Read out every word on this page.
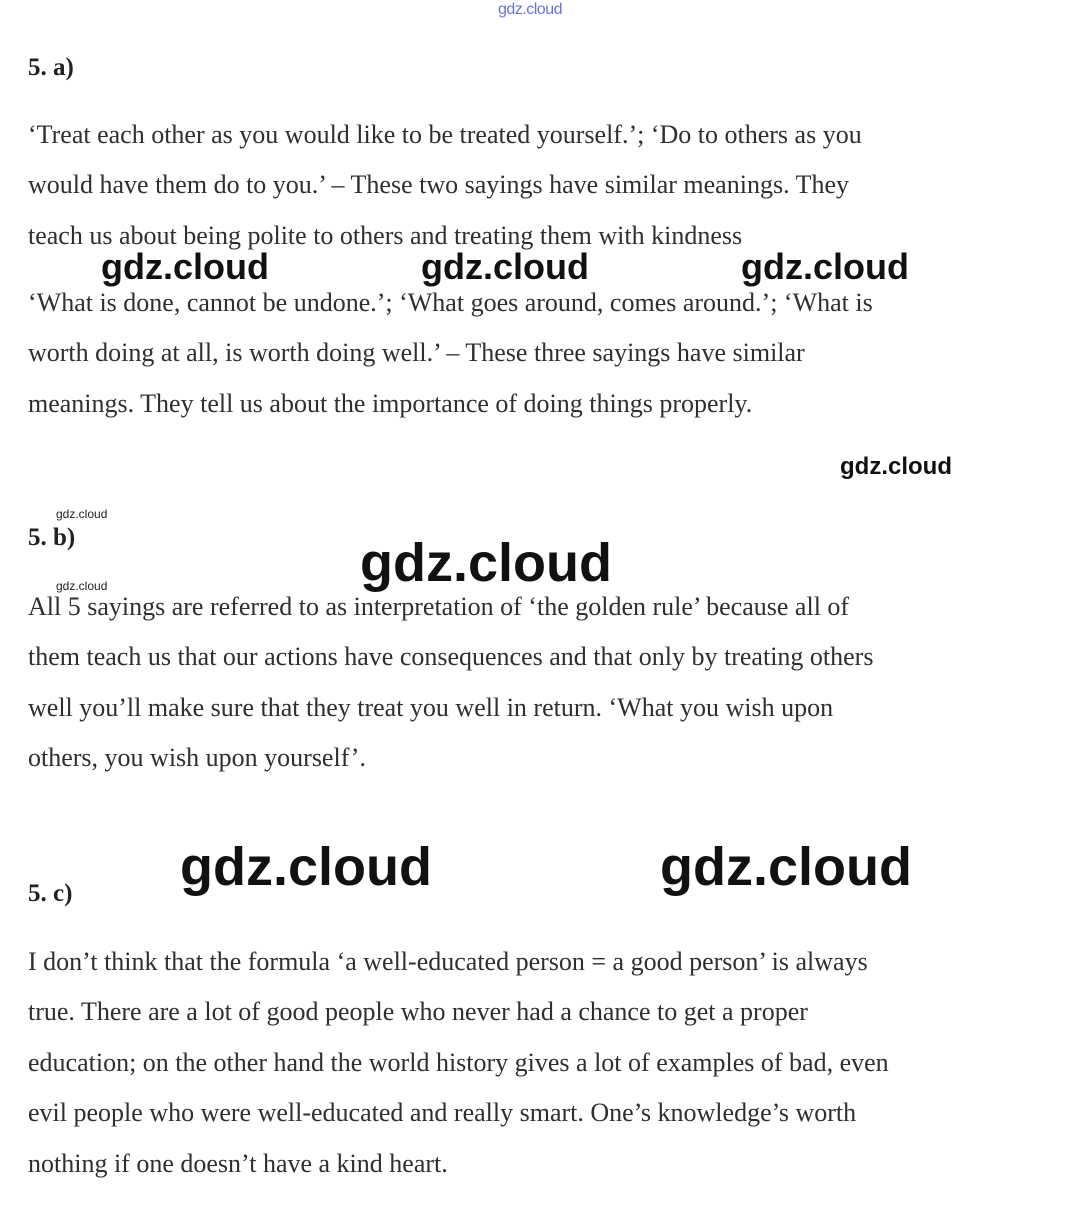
gdz.cloud
5. a)

‘Treat each other as you would like to be treated yourself.’; ‘Do to others as you
would have them do to you.’ – These two sayings have similar meanings. They
teach us about being polite to others and treating them with kindness

gdz.cloud	gdz.cloud	gdz.cloud

‘What is done, cannot be undone.’; ‘What goes around, comes around.’; ‘What is
worth doing at all, is worth doing well.’ – These three sayings have similar
meanings. They tell us about the importance of doing things properly.

gdz.cloud
gdz.cloud
5. b)	gdz.cloud
gdz.cloud

All 5 sayings are referred to as interpretation of ‘the golden rule’ because all of
them teach us that our actions have consequences and that only by treating others
well you’ll make sure that they treat you well in return. ‘What you wish upon
others, you wish upon yourself’.

gdz.cloud	gdz.cloud
5. c)

I don’t think that the formula ‘a well-educated person = a good person’ is always
true. There are a lot of good people who never had a chance to get a proper
education; on the other hand the world history gives a lot of examples of bad, even
evil people who were well-educated and really smart. One’s knowledge’s worth
nothing if one doesn’t have a kind heart.
